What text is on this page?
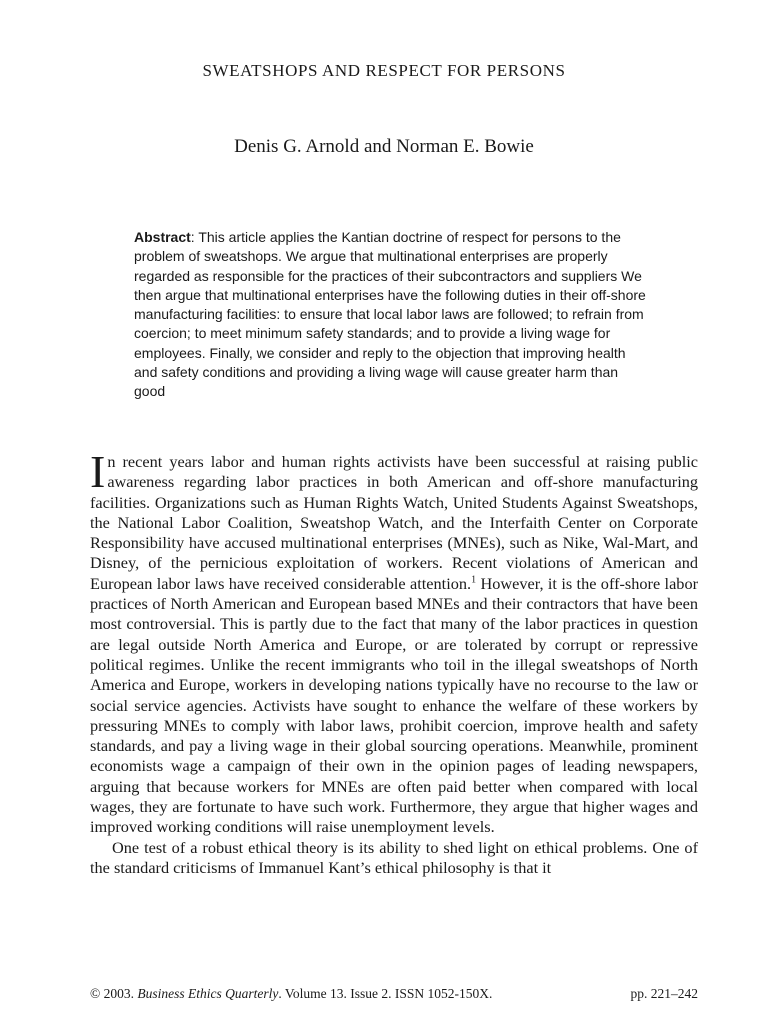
SWEATSHOPS AND RESPECT FOR PERSONS

Denis G. Arnold and Norman E. Bowie

Abstract: This article applies the Kantian doctrine of respect for persons to the problem of sweatshops. We argue that multinational enterprises are properly regarded as responsible for the practices of their subcontractors and suppliers We then argue that multinational enterprises have the following duties in their off-shore manufacturing facilities: to ensure that local labor laws are followed; to refrain from coercion; to meet minimum safety standards; and to provide a living wage for employees. Finally, we consider and reply to the objection that improving health and safety conditions and providing a living wage will cause greater harm than good

In recent years labor and human rights activists have been successful at raising public awareness regarding labor practices in both American and off-shore manufacturing facilities. Organizations such as Human Rights Watch, United Students Against Sweatshops, the National Labor Coalition, Sweatshop Watch, and the Interfaith Center on Corporate Responsibility have accused multinational enterprises (MNEs), such as Nike, Wal-Mart, and Disney, of the pernicious exploitation of workers. Recent violations of American and European labor laws have received considerable attention.$^1$ However, it is the off-shore labor practices of North American and European based MNEs and their contractors that have been most controversial. This is partly due to the fact that many of the labor practices in question are legal outside North America and Europe, or are tolerated by corrupt or repressive political regimes. Unlike the recent immigrants who toil in the illegal sweatshops of North America and Europe, workers in developing nations typically have no recourse to the law or social service agencies. Activists have sought to enhance the welfare of these workers by pressuring MNEs to comply with labor laws, prohibit coercion, improve health and safety standards, and pay a living wage in their global sourcing operations. Meanwhile, prominent economists wage a campaign of their own in the opinion pages of leading newspapers, arguing that because workers for MNEs are often paid better when compared with local wages, they are fortunate to have such work. Furthermore, they argue that higher wages and improved working conditions will raise unemployment levels.

One test of a robust ethical theory is its ability to shed light on ethical problems. One of the standard criticisms of Immanuel Kant’s ethical philosophy is that it

© 2003. Business Ethics Quarterly. Volume 13. Issue 2. ISSN 1052-150X.	pp. 221–242
